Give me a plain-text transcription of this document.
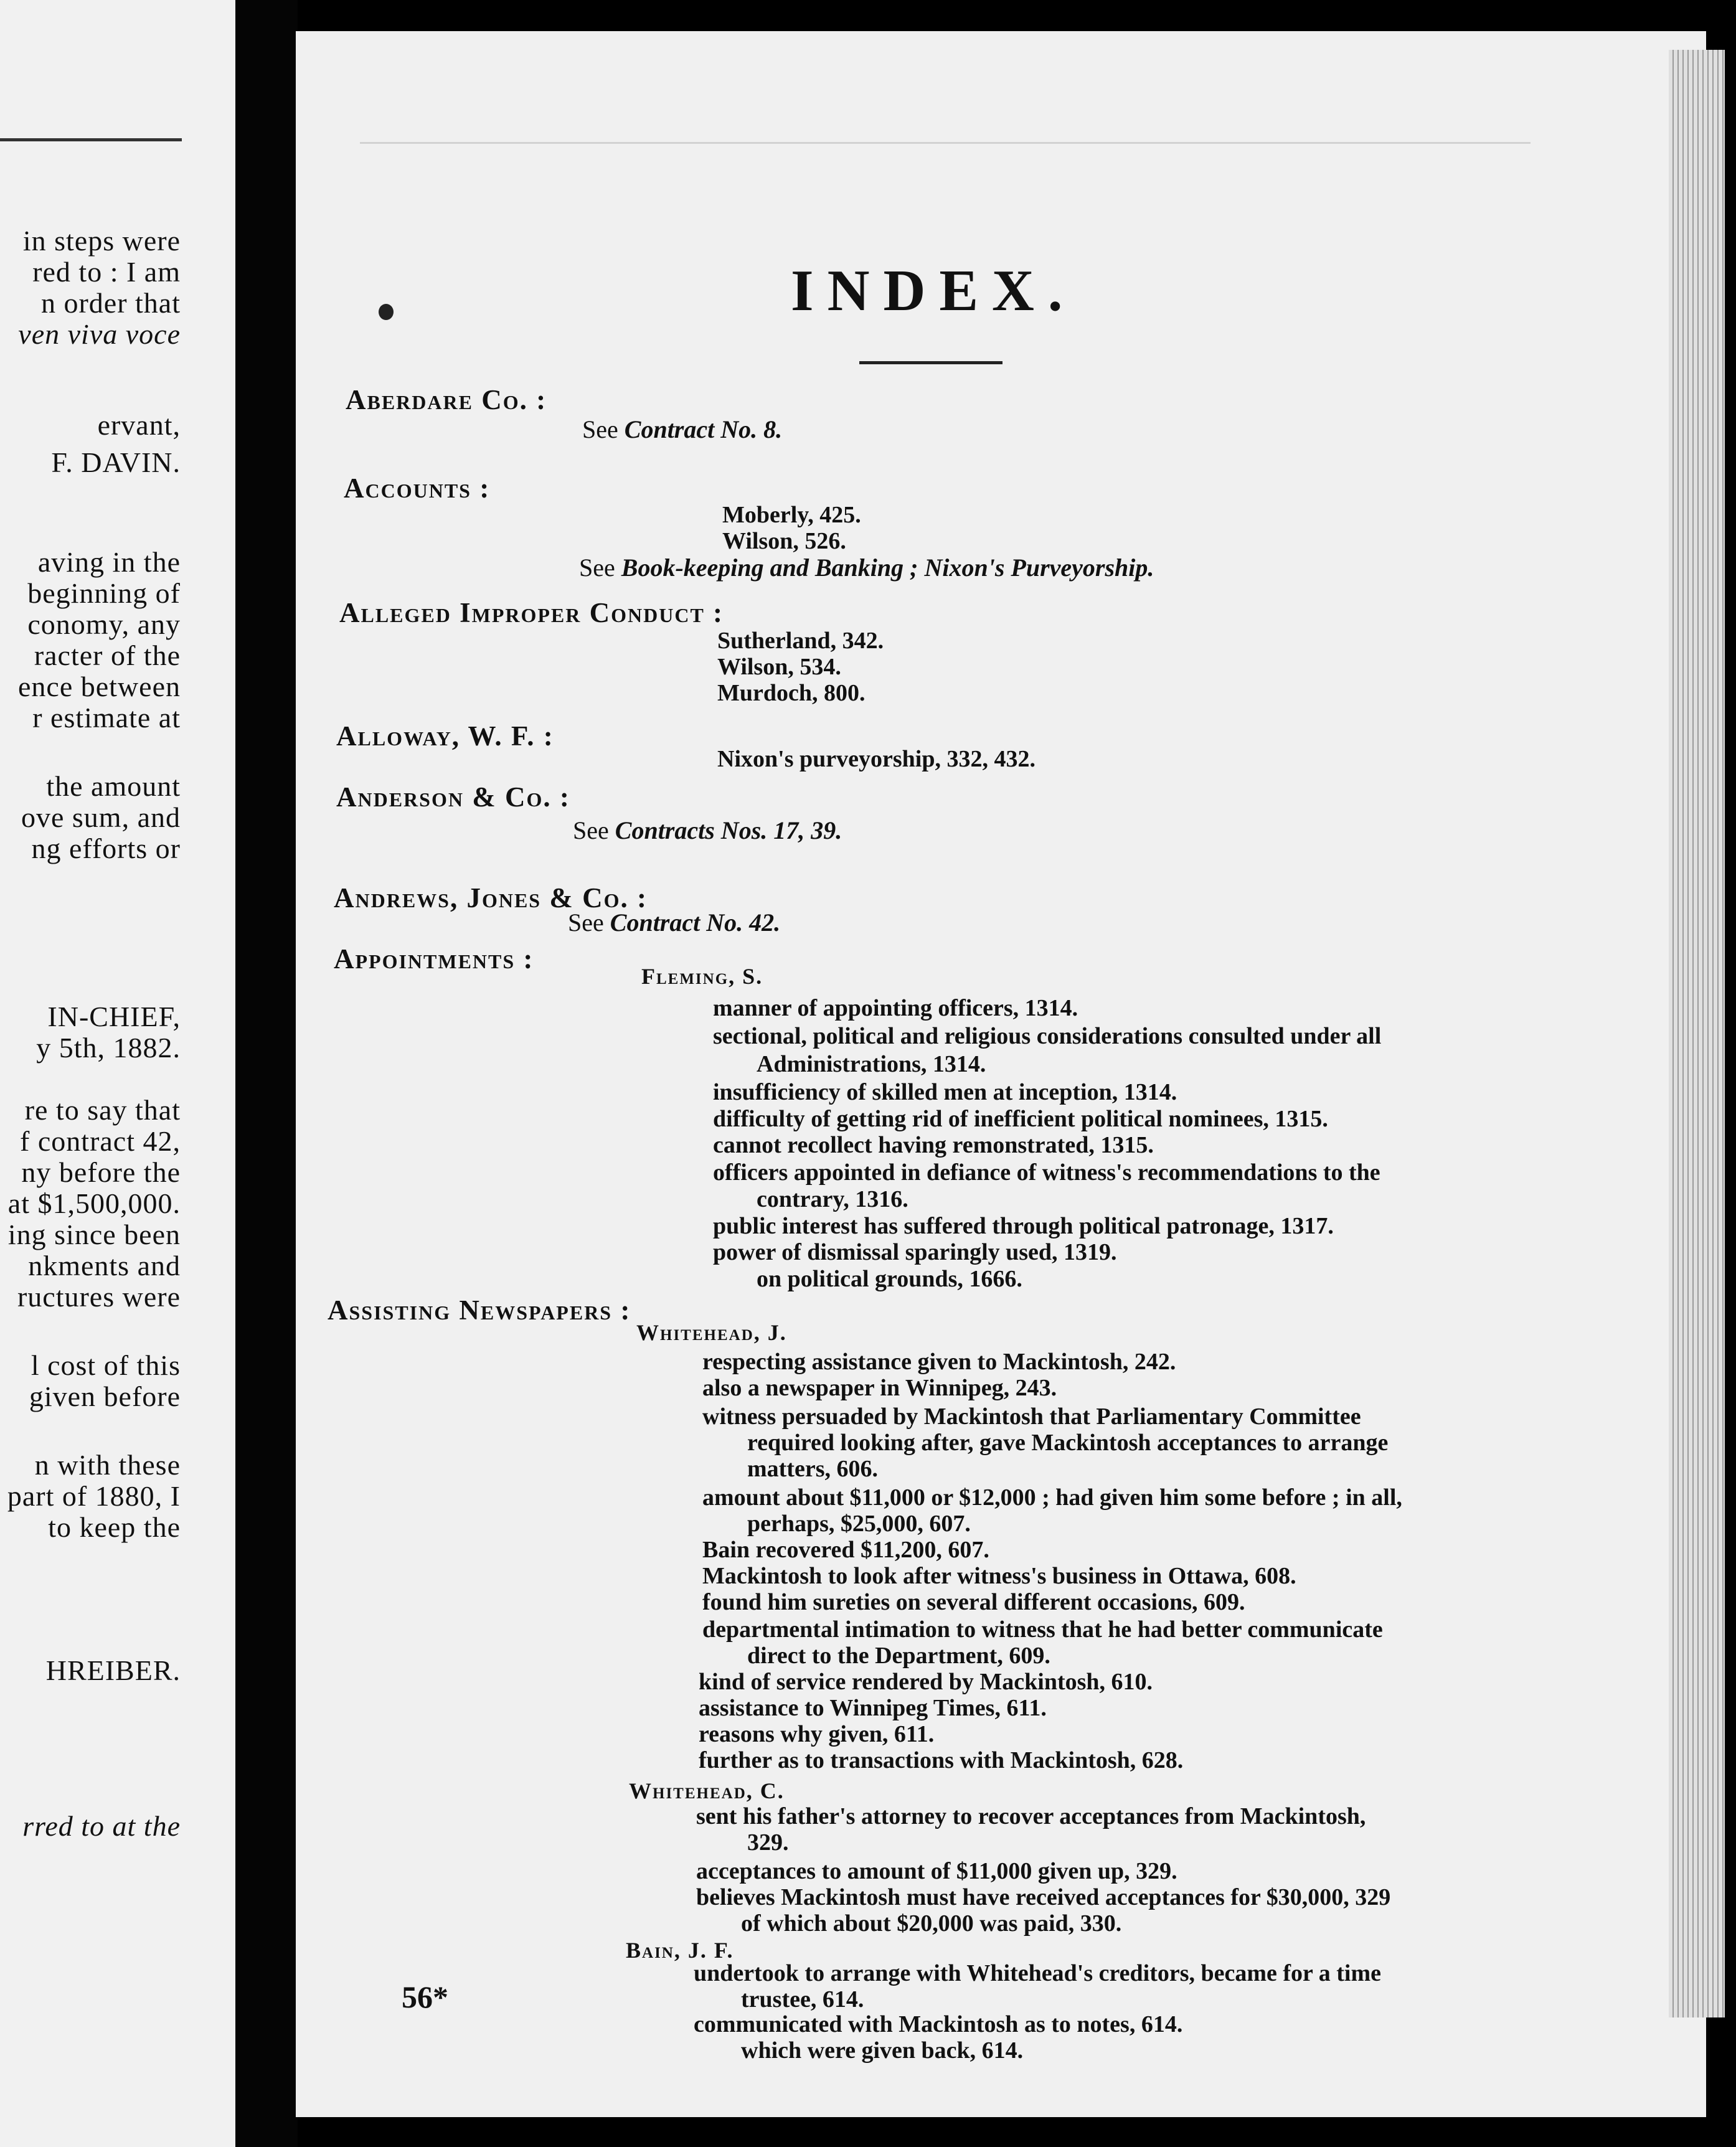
in steps were
red to : I am
n order that
ven viva voce
ervant,
F. DAVIN.
aving in the
beginning of
conomy, any
racter of the
ence between
r estimate at
the amount
ove sum, and
ng efforts or
IN-CHIEF,
y 5th, 1882.
re to say that
f contract 42,
ny before the
at $1,500,000.
ing since been
nkments and
ructures were
l cost of this
given before
n with these
part of 1880, I
to keep the
HREIBER.
rred to at the
INDEX.
Aberdare Co. :
See Contract No. 8.
Accounts :
Moberly, 425.
Wilson, 526.
See Book-keeping and Banking ; Nixon's Purveyorship.
Alleged Improper Conduct :
Sutherland, 342.
Wilson, 534.
Murdoch, 800.
Alloway, W. F. :
Nixon's purveyorship, 332, 432.
Anderson & Co. :
See Contracts Nos. 17, 39.
Andrews, Jones & Co. :
See Contract No. 42.
Appointments :
Fleming, S.
manner of appointing officers, 1314.
sectional, political and religious considerations consulted under all
Administrations, 1314.
insufficiency of skilled men at inception, 1314.
difficulty of getting rid of inefficient political nominees, 1315.
cannot recollect having remonstrated, 1315.
officers appointed in defiance of witness's recommendations to the
contrary, 1316.
public interest has suffered through political patronage, 1317.
power of dismissal sparingly used, 1319.
on political grounds, 1666.
Assisting Newspapers :
Whitehead, J.
respecting assistance given to Mackintosh, 242.
also a newspaper in Winnipeg, 243.
witness persuaded by Mackintosh that Parliamentary Committee
required looking after, gave Mackintosh acceptances to arrange
matters, 606.
amount about $11,000 or $12,000 ; had given him some before ; in all,
perhaps, $25,000, 607.
Bain recovered $11,200, 607.
Mackintosh to look after witness's business in Ottawa, 608.
found him sureties on several different occasions, 609.
departmental intimation to witness that he had better communicate
direct to the Department, 609.
kind of service rendered by Mackintosh, 610.
assistance to Winnipeg Times, 611.
reasons why given, 611.
further as to transactions with Mackintosh, 628.
Whitehead, C.
sent his father's attorney to recover acceptances from Mackintosh,
329.
acceptances to amount of $11,000 given up, 329.
believes Mackintosh must have received acceptances for $30,000, 329
of which about $20,000 was paid, 330.
Bain, J. F.
undertook to arrange with Whitehead's creditors, became for a time
trustee, 614.
communicated with Mackintosh as to notes, 614.
which were given back, 614.
56*
